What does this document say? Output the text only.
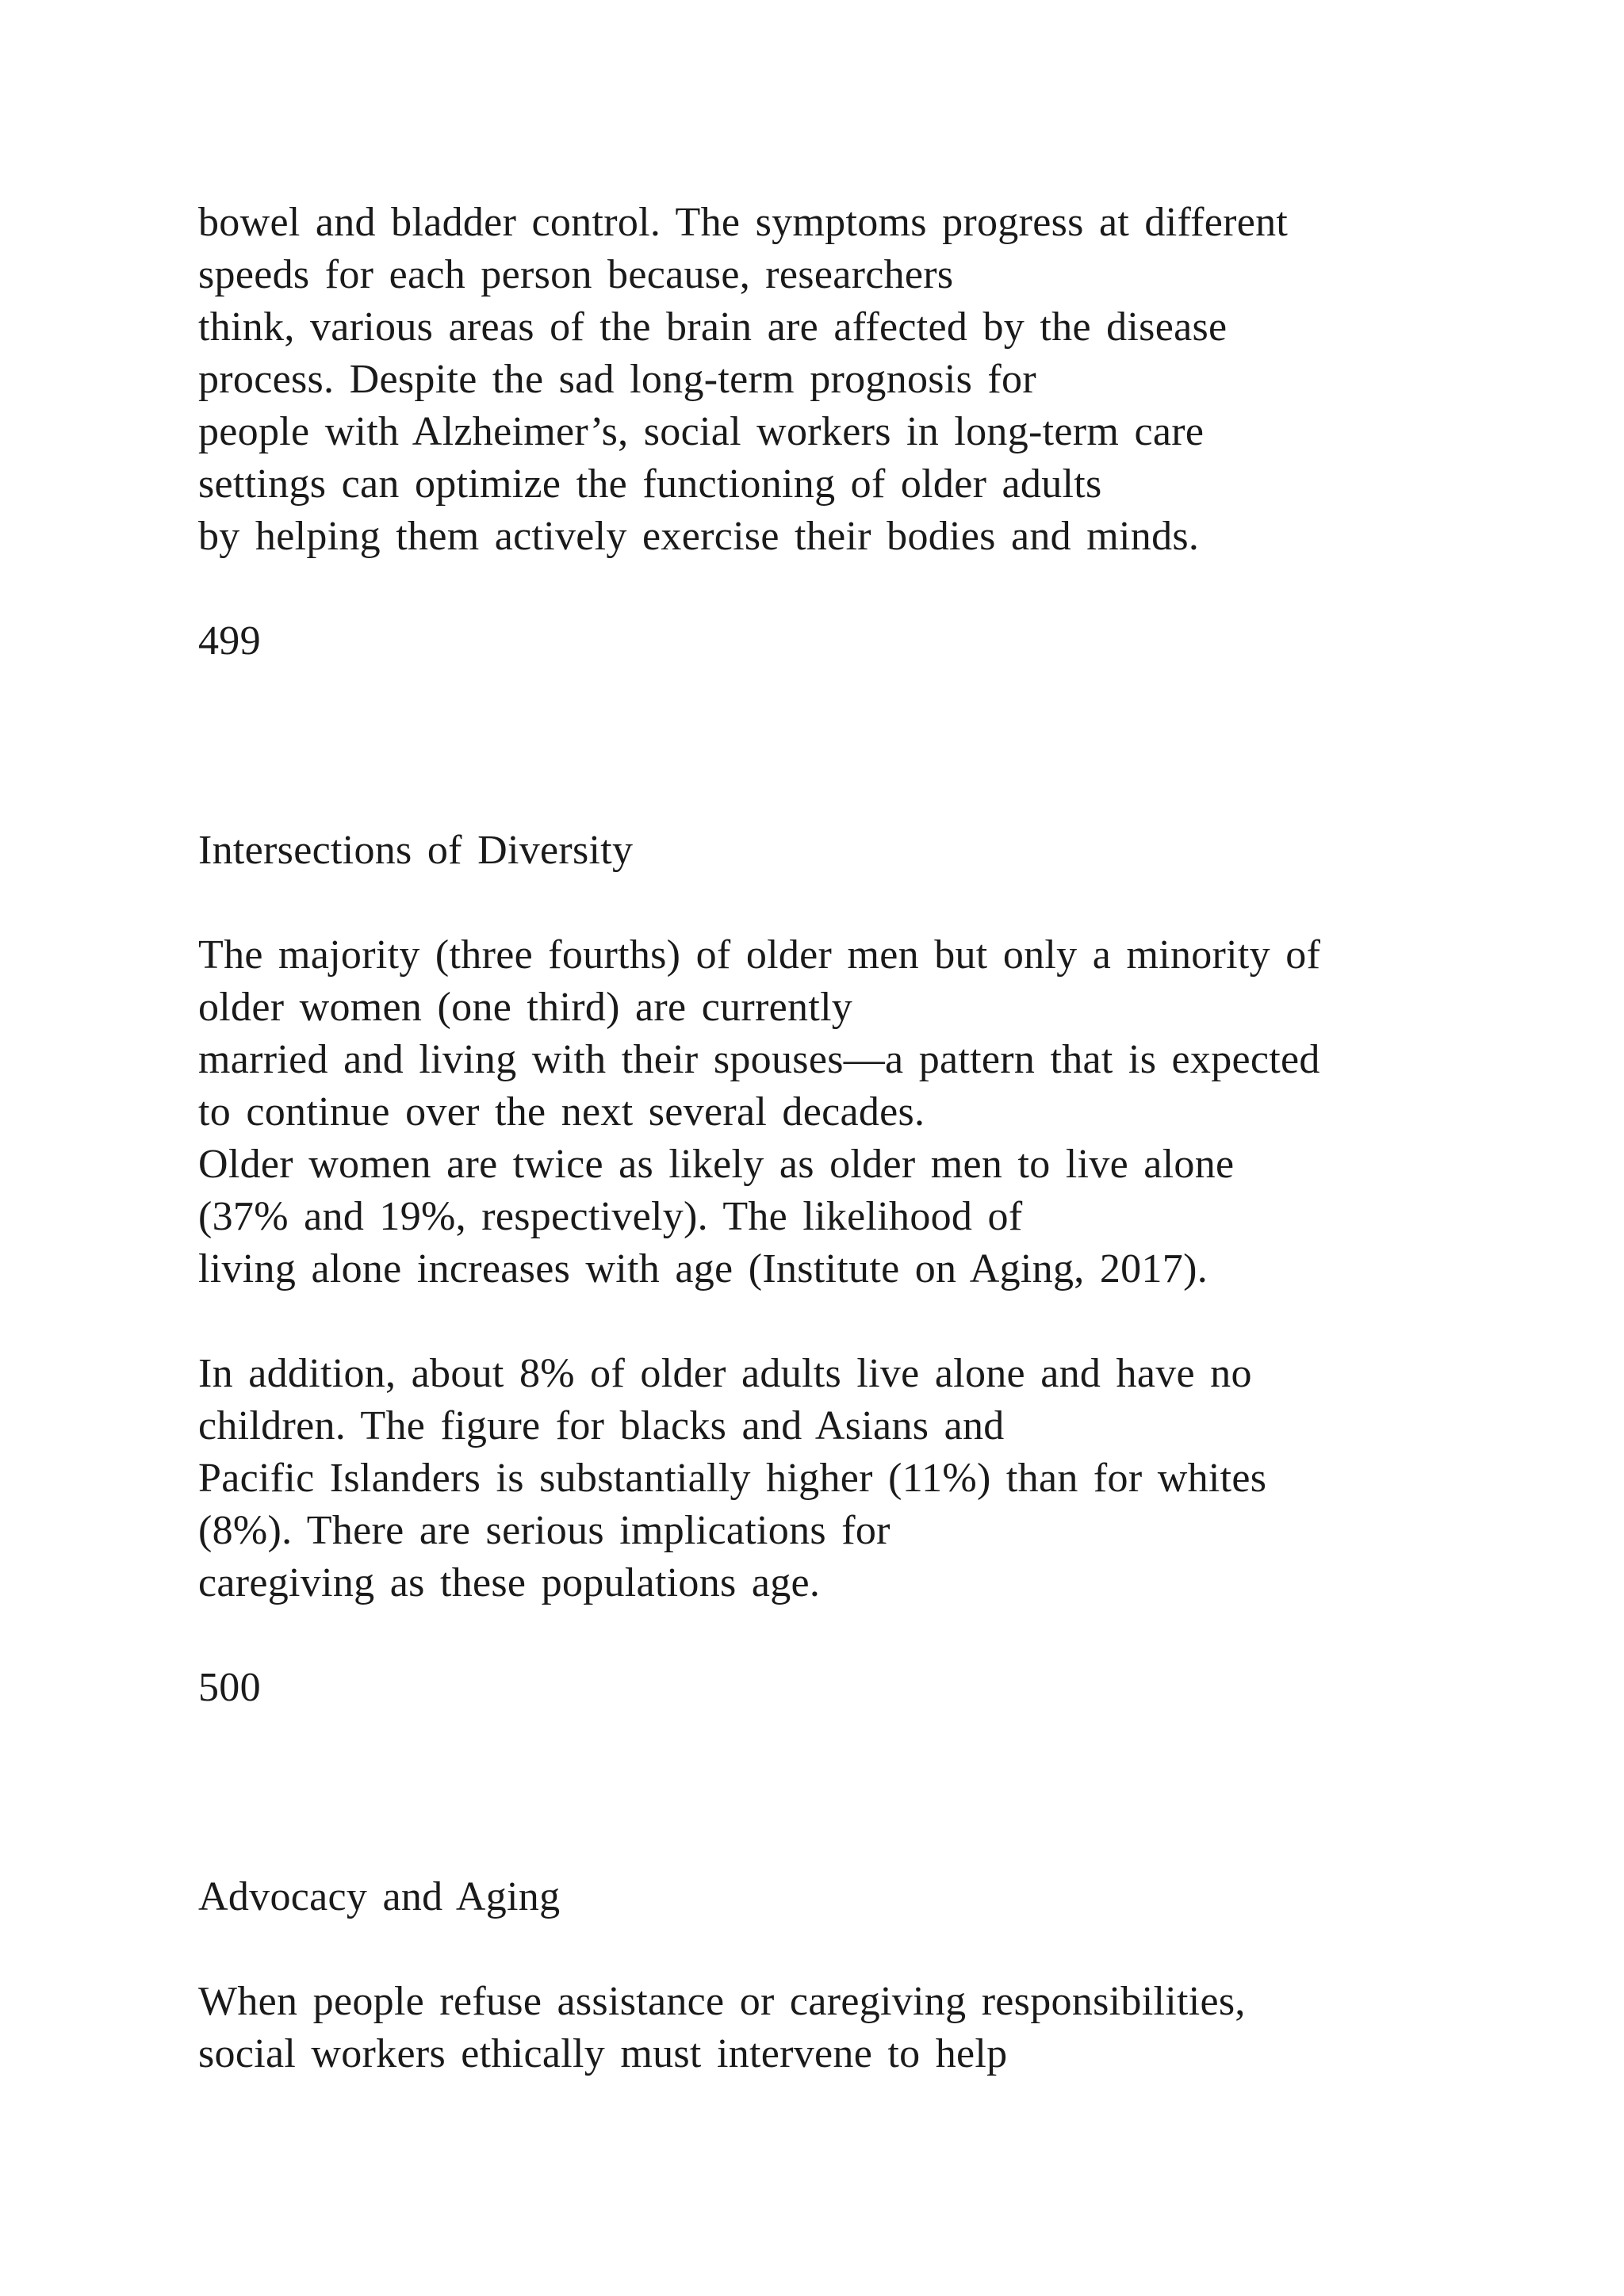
bowel and bladder control. The symptoms progress at different
speeds for each person because, researchers
think, various areas of the brain are affected by the disease
process. Despite the sad long-term prognosis for
people with Alzheimer’s, social workers in long-term care
settings can optimize the functioning of older adults
by helping them actively exercise their bodies and minds.
499
Intersections of Diversity
The majority (three fourths) of older men but only a minority of
older women (one third) are currently
married and living with their spouses—a pattern that is expected
to continue over the next several decades.
Older women are twice as likely as older men to live alone
(37% and 19%, respectively). The likelihood of
living alone increases with age (Institute on Aging, 2017).
In addition, about 8% of older adults live alone and have no
children. The figure for blacks and Asians and
Pacific Islanders is substantially higher (11%) than for whites
(8%). There are serious implications for
caregiving as these populations age.
500
Advocacy and Aging
When people refuse assistance or caregiving responsibilities,
social workers ethically must intervene to help
